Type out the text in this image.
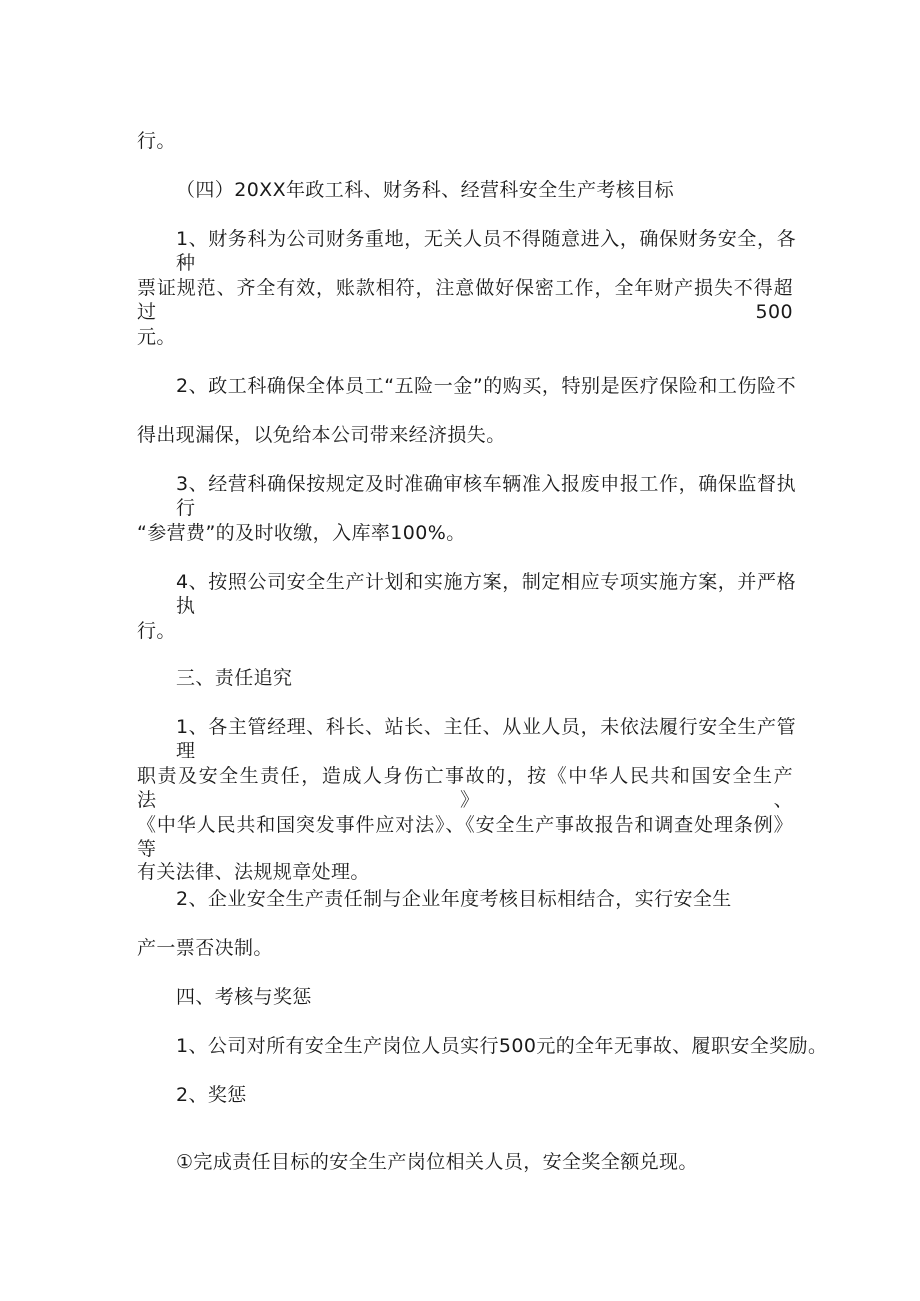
行。
（四）20XX年政工科、财务科、经营科安全生产考核目标
1、财务科为公司财务重地，无关人员不得随意进入，确保财务安全，各种
票证规范、齐全有效，账款相符，注意做好保密工作，全年财产损失不得超过500
元。
2、政工科确保全体员工“五险一金”的购买，特别是医疗保险和工伤险不
得出现漏保，以免给本公司带来经济损失。
3、经营科确保按规定及时准确审核车辆准入报废申报工作，确保监督执行
“参营费”的及时收缴，入库率100%。
4、按照公司安全生产计划和实施方案，制定相应专项实施方案，并严格执
行。
三、责任追究
1、各主管经理、科长、站长、主任、从业人员，未依法履行安全生产管理
职责及安全生责任，造成人身伤亡事故的，按《中华人民共和国安全生产法》、
《中华人民共和国突发事件应对法》、《安全生产事故报告和调查处理条例》等
有关法律、法规规章处理。
2、企业安全生产责任制与企业年度考核目标相结合，实行安全生
产一票否决制。
四、考核与奖惩
1、公司对所有安全生产岗位人员实行500元的全年无事故、履职安全奖励。
2、奖惩
①完成责任目标的安全生产岗位相关人员，安全奖全额兑现。
